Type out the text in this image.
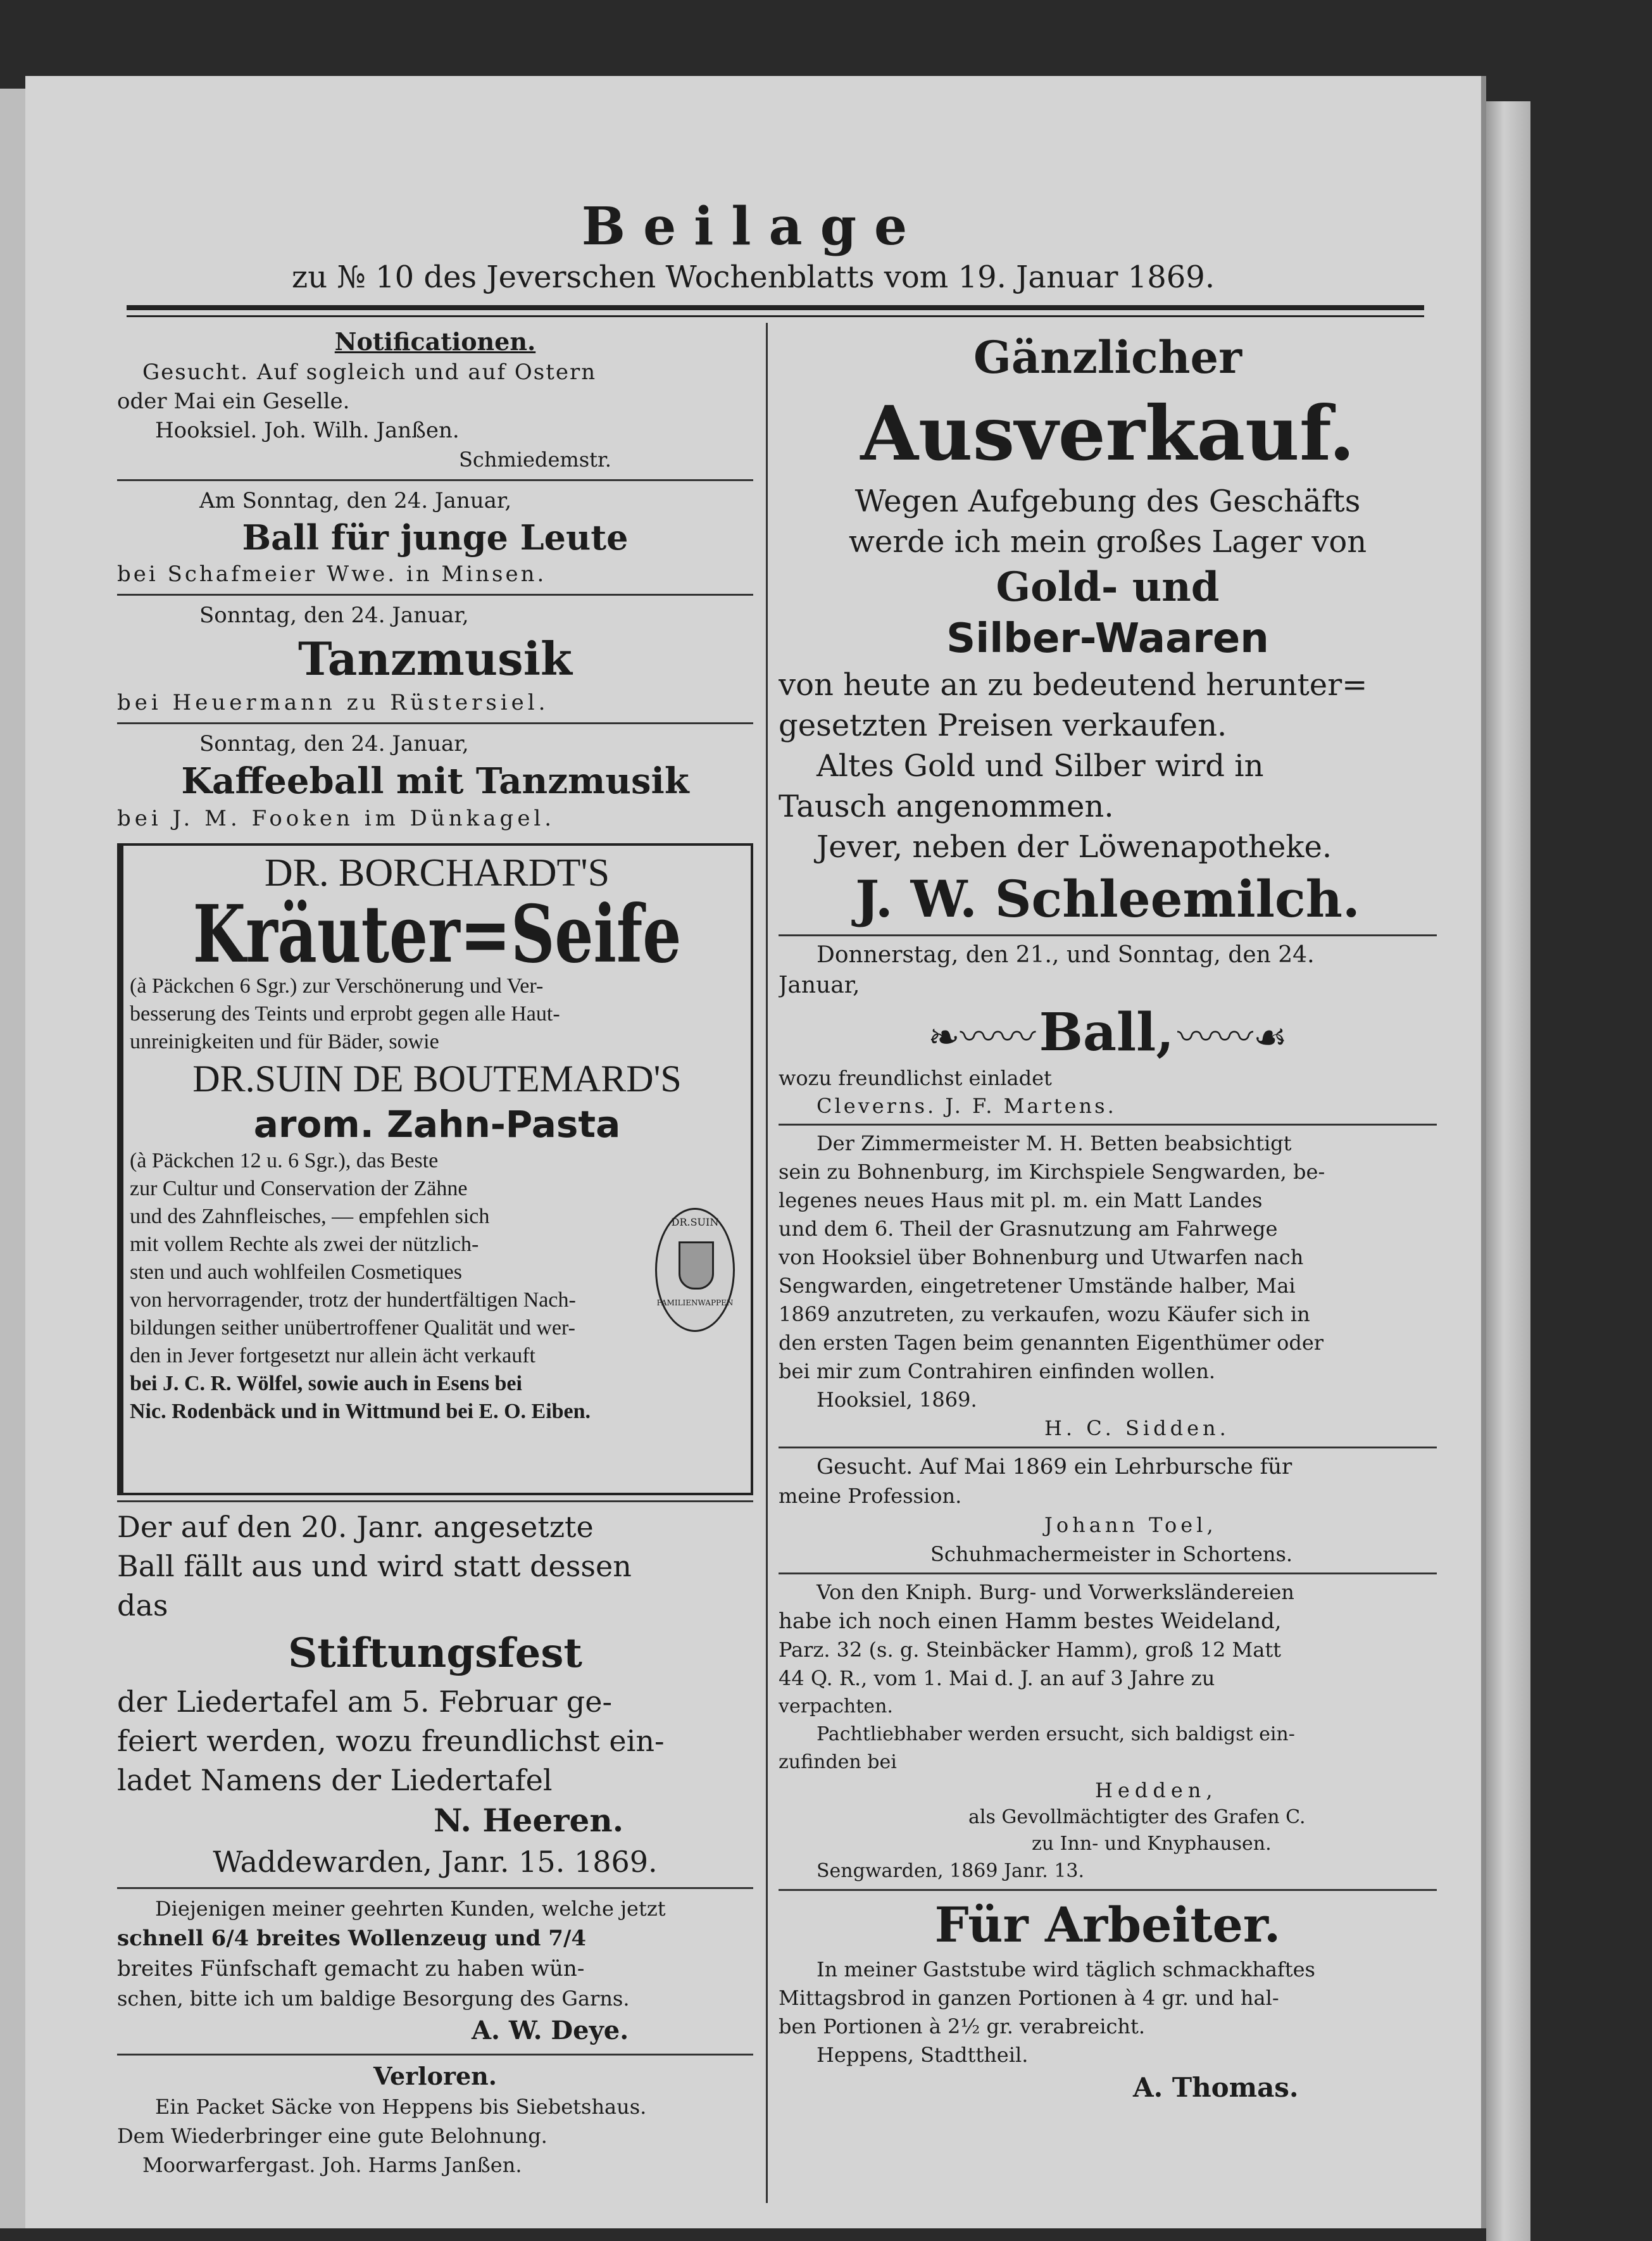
Beilage
zu № 10 des Jeverschen Wochenblatts vom 19. Januar 1869.
Notificationen.
Gesucht. Auf sogleich und auf Ostern
oder Mai ein Geselle.
Hooksiel. Joh. Wilh. Janßen.
Schmiedemstr.
Am Sonntag, den 24. Januar,
Ball für junge Leute
bei Schafmeier Wwe. in Minsen.
Sonntag, den 24. Januar,
Tanzmusik
bei Heuermann zu Rüstersiel.
Sonntag, den 24. Januar,
Kaffeeball mit Tanzmusik
bei J. M. Fooken im Dünkagel.
DR. BORCHARDT'S
Kräuter=Seife
(à Päckchen 6 Sgr.) zur Verschönerung und Ver-
besserung des Teints und erprobt gegen alle Haut-
unreinigkeiten und für Bäder, sowie
DR.SUIN DE BOUTEMARD'S
arom. Zahn-Pasta
(à Päckchen 12 u. 6 Sgr.), das Beste
zur Cultur und Conservation der Zähne
und des Zahnfleisches, — empfehlen sich
mit vollem Rechte als zwei der nützlich-
sten und auch wohlfeilen Cosmetiques
von hervorragender, trotz der hundertfältigen Nach-
bildungen seither unübertroffener Qualität und wer-
den in Jever fortgesetzt nur allein ächt verkauft
bei J. C. R. Wölfel, sowie auch in Esens bei
Nic. Rodenbäck und in Wittmund bei E. O. Eiben.
DR.SUIN
FAMILIENWAPPEN
Der auf den 20. Janr. angesetzte
Ball fällt aus und wird statt dessen
das
Stiftungsfest
der Liedertafel am 5. Februar ge-
feiert werden, wozu freundlichst ein-
ladet Namens der Liedertafel
N. Heeren.
Waddewarden, Janr. 15. 1869.
Diejenigen meiner geehrten Kunden, welche jetzt
schnell 6/4 breites Wollenzeug und 7/4
breites Fünfschaft gemacht zu haben wün-
schen, bitte ich um baldige Besorgung des Garns.
A. W. Deye.
Verloren.
Ein Packet Säcke von Heppens bis Siebetshaus.
Dem Wiederbringer eine gute Belohnung.
Moorwarfergast. Joh. Harms Janßen.
Gänzlicher
Ausverkauf.
Wegen Aufgebung des Geschäfts
werde ich mein großes Lager von
Gold- und
Silber-Waaren
von heute an zu bedeutend herunter=
gesetzten Preisen verkaufen.
Altes Gold und Silber wird in
Tausch angenommen.
Jever, neben der Löwenapotheke.
J. W. Schleemilch.
Donnerstag, den 21., und Sonntag, den 24.
Januar,
❧〰〰 Ball, 〰〰☙
wozu freundlichst einladet
Cleverns. J. F. Martens.
Der Zimmermeister M. H. Betten beabsichtigt
sein zu Bohnenburg, im Kirchspiele Sengwarden, be-
legenes neues Haus mit pl. m. ein Matt Landes
und dem 6. Theil der Grasnutzung am Fahrwege
von Hooksiel über Bohnenburg und Utwarfen nach
Sengwarden, eingetretener Umstände halber, Mai
1869 anzutreten, zu verkaufen, wozu Käufer sich in
den ersten Tagen beim genannten Eigenthümer oder
bei mir zum Contrahiren einfinden wollen.
Hooksiel, 1869.
H. C. Sidden.
Gesucht. Auf Mai 1869 ein Lehrbursche für
meine Profession.
Johann Toel,
Schuhmachermeister in Schortens.
Von den Kniph. Burg- und Vorwerksländereien
habe ich noch einen Hamm bestes Weideland,
Parz. 32 (s. g. Steinbäcker Hamm), groß 12 Matt
44 Q. R., vom 1. Mai d. J. an auf 3 Jahre zu
verpachten.
Pachtliebhaber werden ersucht, sich baldigst ein-
zufinden bei
Hedden,
als Gevollmächtigter des Grafen C.
zu Inn- und Knyphausen.
Sengwarden, 1869 Janr. 13.
Für Arbeiter.
In meiner Gaststube wird täglich schmackhaftes
Mittagsbrod in ganzen Portionen à 4 gr. und hal-
ben Portionen à 2½ gr. verabreicht.
Heppens, Stadttheil.
A. Thomas.
